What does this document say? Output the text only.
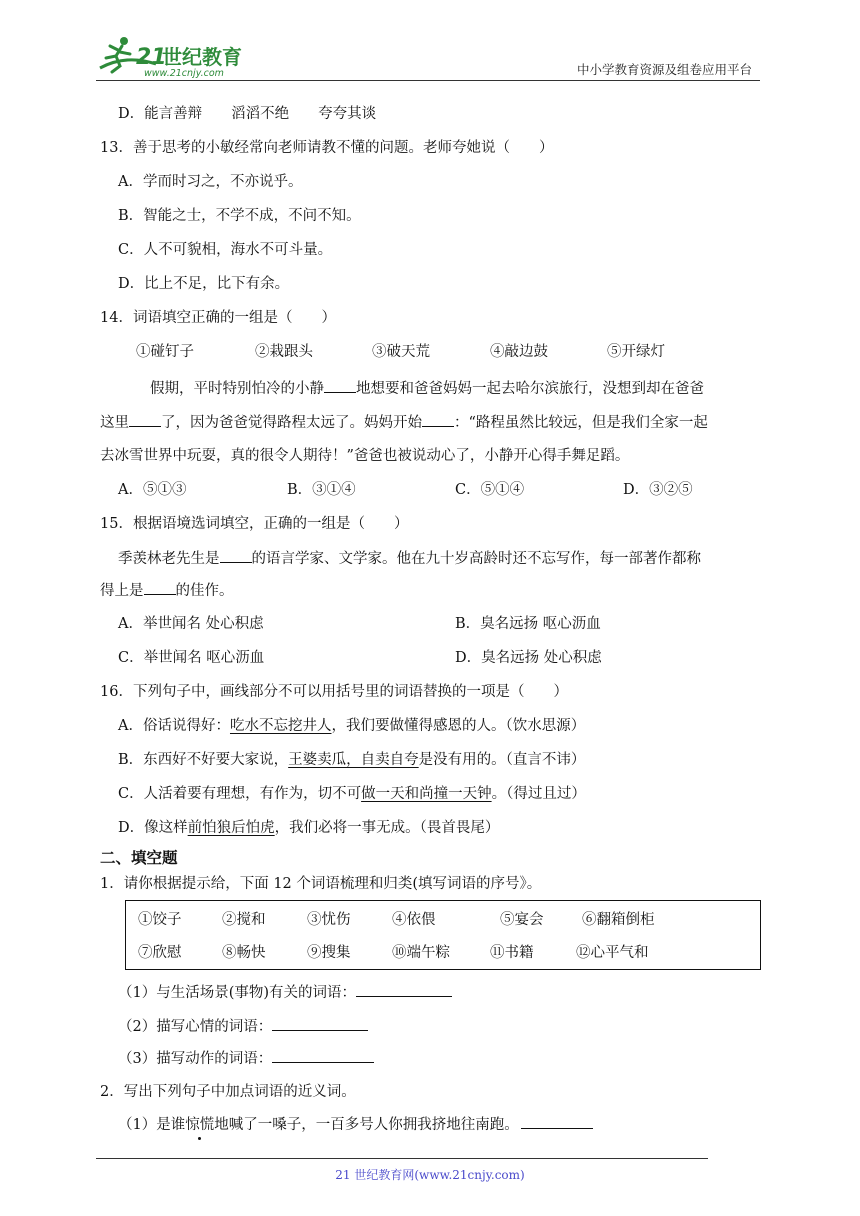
21
世纪教育
www.21cnjy.com	中小学教育资源及组卷应用平台
D．能言善辩　　滔滔不绝　　夸夸其谈
13．善于思考的小敏经常向老师请教不懂的问题。老师夸她说（　　）
A．学而时习之，不亦说乎。
B．智能之士，不学不成，不问不知。
C．人不可貌相，海水不可斗量。
D．比上不足，比下有余。
14．词语填空正确的一组是（　　）
①碰钉子	②栽跟头	③破天荒	④敲边鼓	⑤开绿灯
假期，平时特别怕冷的小静 地想要和爸爸妈妈一起去哈尔滨旅行，没想到却在爸爸
这里 了，因为爸爸觉得路程太远了。妈妈开始 ：“路程虽然比较远，但是我们全家一起
去冰雪世界中玩耍，真的很令人期待！”爸爸也被说动心了，小静开心得手舞足蹈。
A．⑤①③	B．③①④	C．⑤①④	D．③②⑤
15．根据语境选词填空，正确的一组是（　　）
季羡林老先生是 的语言学家、文学家。他在九十岁高龄时还不忘写作，每一部著作都称
得上是 的佳作。
A．举世闻名 处心积虑	B．臭名远扬 呕心沥血
C．举世闻名 呕心沥血	D．臭名远扬 处心积虑
16．下列句子中，画线部分不可以用括号里的词语替换的一项是（　　）
A．俗话说得好：吃水不忘挖井人，我们要做懂得感恩的人。（饮水思源）
B．东西好不好要大家说，王婆卖瓜，自卖自夸是没有用的。（直言不讳）
C．人活着要有理想，有作为，切不可做一天和尚撞一天钟。（得过且过）
D．像这样前怕狼后怕虎，我们必将一事无成。（畏首畏尾）
二、填空题
1．请你根据提示给，下面 12 个词语梳理和归类(填写词语的序号》。
①饺子	②搅和	③忧伤	④依偎	⑤宴会	⑥翻箱倒柜
⑦欣慰	⑧畅快	⑨搜集	⑩端午粽	⑪书籍	⑫心平气和
（1）与生活场景(事物)有关的词语：
（2）描写心情的词语：
（3）描写动作的词语：
2．写出下列句子中加点词语的近义词。
（1）是谁惊慌地喊了一嗓子，一百多号人你拥我挤地往南跑。
21 世纪教育网(www.21cnjy.com)
